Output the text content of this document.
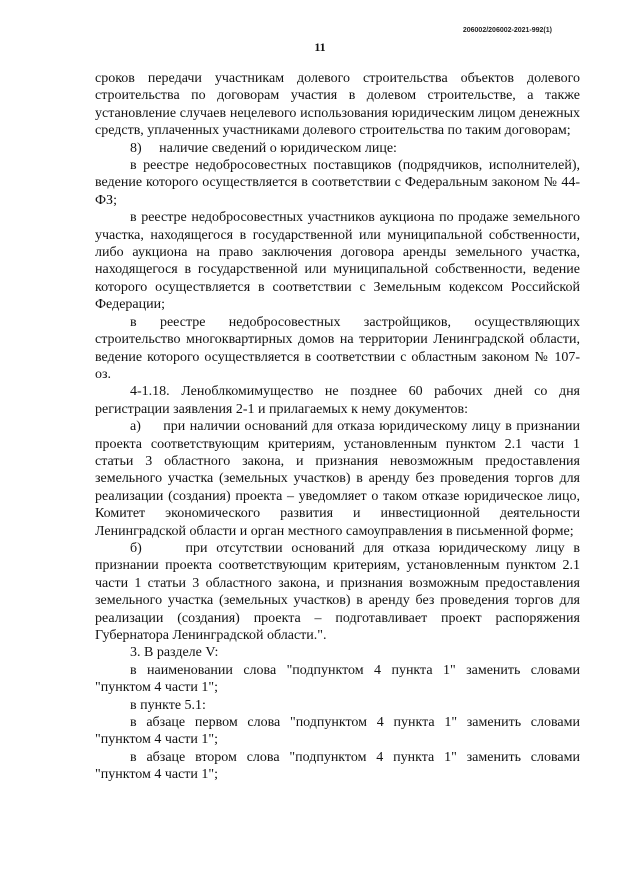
206002/206002-2021-992(1)
11

сроков передачи участникам долевого строительства объектов долевого строительства по договорам участия в долевом строительстве, а также установление случаев нецелевого использования юридическим лицом денежных средств, уплаченных участниками долевого строительства по таким договорам;

8)     наличие сведений о юридическом лице:

в реестре недобросовестных поставщиков (подрядчиков, исполнителей), ведение которого осуществляется в соответствии с Федеральным законом № 44-ФЗ;

в реестре недобросовестных участников аукциона по продаже земельного участка, находящегося в государственной или муниципальной собственности, либо аукциона на право заключения договора аренды земельного участка, находящегося в государственной или муниципальной собственности, ведение которого осуществляется в соответствии с Земельным кодексом Российской Федерации;

в реестре недобросовестных застройщиков, осуществляющих строительство многоквартирных домов на территории Ленинградской области, ведение которого осуществляется в соответствии с областным законом № 107-оз.

4-1.18. Леноблкомимущество не позднее 60 рабочих дней со дня регистрации заявления 2-1 и прилагаемых к нему документов:

а)     при наличии оснований для отказа юридическому лицу в признании проекта соответствующим критериям, установленным пунктом 2.1 части 1 статьи 3 областного закона, и признания невозможным предоставления земельного участка (земельных участков) в аренду без проведения торгов для реализации (создания) проекта – уведомляет о таком отказе юридическое лицо, Комитет экономического развития и инвестиционной деятельности Ленинградской области и орган местного самоуправления в письменной форме;

б)     при отсутствии оснований для отказа юридическому лицу в признании проекта соответствующим критериям, установленным пунктом 2.1 части 1 статьи 3 областного закона, и признания возможным предоставления земельного участка (земельных участков) в аренду без проведения торгов для реализации (создания) проекта – подготавливает проект распоряжения Губернатора Ленинградской области.".

3. В разделе V:

в наименовании слова "подпунктом 4 пункта 1" заменить словами "пунктом 4 части 1";

в пункте 5.1:

в абзаце первом слова "подпунктом 4 пункта 1" заменить словами "пунктом 4 части 1";

в абзаце втором слова "подпунктом 4 пункта 1" заменить словами "пунктом 4 части 1";
